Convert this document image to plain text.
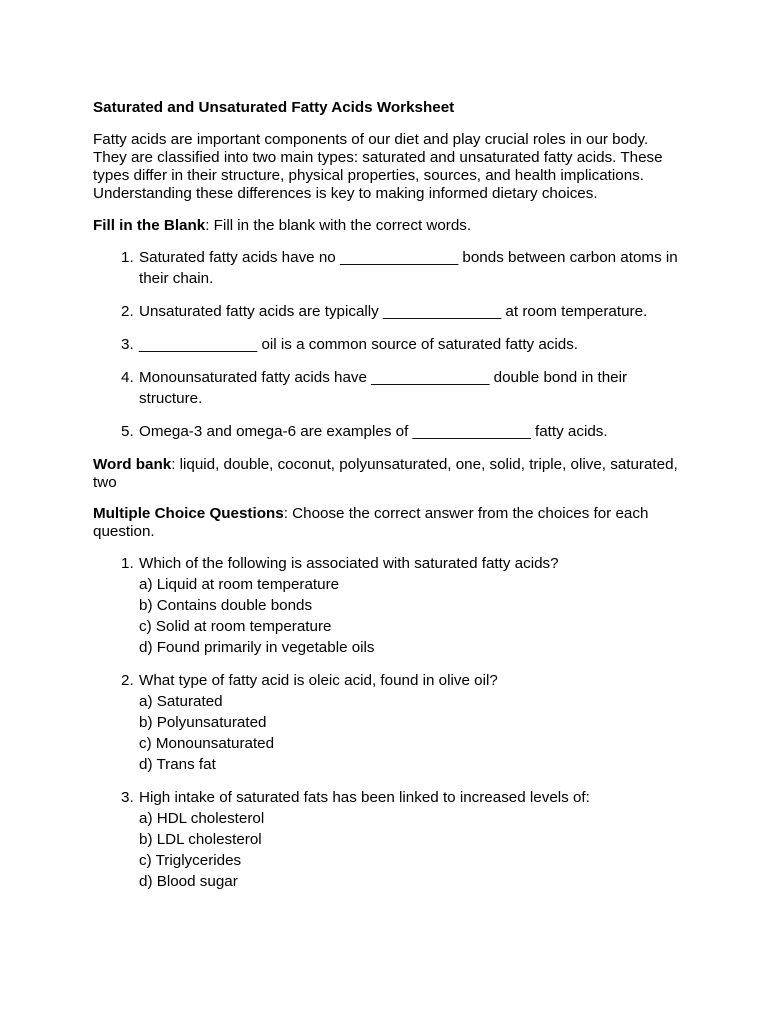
Saturated and Unsaturated Fatty Acids Worksheet
Fatty acids are important components of our diet and play crucial roles in our body. They are classified into two main types: saturated and unsaturated fatty acids. These types differ in their structure, physical properties, sources, and health implications. Understanding these differences is key to making informed dietary choices.
Fill in the Blank: Fill in the blank with the correct words.
1. Saturated fatty acids have no ______________ bonds between carbon atoms in their chain.
2. Unsaturated fatty acids are typically ______________ at room temperature.
3. ______________ oil is a common source of saturated fatty acids.
4. Monounsaturated fatty acids have ______________ double bond in their structure.
5. Omega-3 and omega-6 are examples of ______________ fatty acids.
Word bank: liquid, double, coconut, polyunsaturated, one, solid, triple, olive, saturated, two
Multiple Choice Questions: Choose the correct answer from the choices for each question.
1. Which of the following is associated with saturated fatty acids?
a) Liquid at room temperature
b) Contains double bonds
c) Solid at room temperature
d) Found primarily in vegetable oils
2. What type of fatty acid is oleic acid, found in olive oil?
a) Saturated
b) Polyunsaturated
c) Monounsaturated
d) Trans fat
3. High intake of saturated fats has been linked to increased levels of:
a) HDL cholesterol
b) LDL cholesterol
c) Triglycerides
d) Blood sugar
